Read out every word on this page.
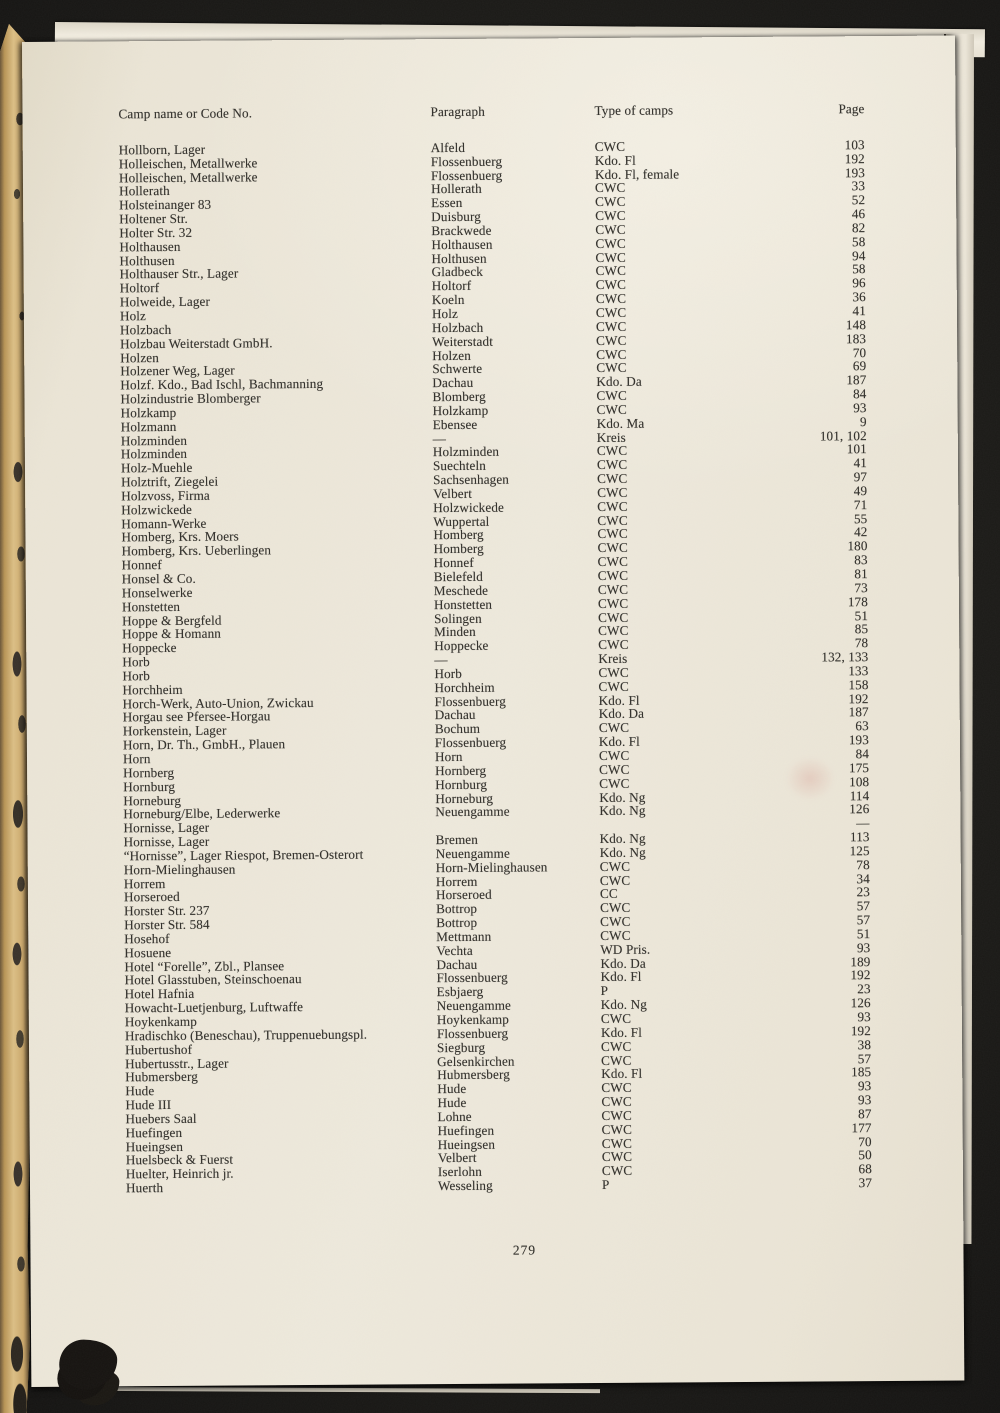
Camp name or Code No.	Paragraph	Type of camps	Page
Hollborn, Lager	Alfeld	CWC	103
Holleischen, Metallwerke	Flossenbuerg	Kdo. Fl	192
Holleischen, Metallwerke	Flossenbuerg	Kdo. Fl, female	193
Hollerath	Hollerath	CWC	33
Holsteinanger 83	Essen	CWC	52
Holtener Str.	Duisburg	CWC	46
Holter Str. 32	Brackwede	CWC	82
Holthausen	Holthausen	CWC	58
Holthusen	Holthusen	CWC	94
Holthauser Str., Lager	Gladbeck	CWC	58
Holtorf	Holtorf	CWC	96
Holweide, Lager	Koeln	CWC	36
Holz	Holz	CWC	41
Holzbach	Holzbach	CWC	148
Holzbau Weiterstadt GmbH.	Weiterstadt	CWC	183
Holzen	Holzen	CWC	70
Holzener Weg, Lager	Schwerte	CWC	69
Holzf. Kdo., Bad Ischl, Bachmanning	Dachau	Kdo. Da	187
Holzindustrie Blomberger	Blomberg	CWC	84
Holzkamp	Holzkamp	CWC	93
Holzmann	Ebensee	Kdo. Ma	9
Holzminden	—	Kreis	101, 102
Holzminden	Holzminden	CWC	101
Holz-Muehle	Suechteln	CWC	41
Holztrift, Ziegelei	Sachsenhagen	CWC	97
Holzvoss, Firma	Velbert	CWC	49
Holzwickede	Holzwickede	CWC	71
Homann-Werke	Wuppertal	CWC	55
Homberg, Krs. Moers	Homberg	CWC	42
Homberg, Krs. Ueberlingen	Homberg	CWC	180
Honnef	Honnef	CWC	83
Honsel & Co.	Bielefeld	CWC	81
Honselwerke	Meschede	CWC	73
Honstetten	Honstetten	CWC	178
Hoppe & Bergfeld	Solingen	CWC	51
Hoppe & Homann	Minden	CWC	85
Hoppecke	Hoppecke	CWC	78
Horb	—	Kreis	132, 133
Horb	Horb	CWC	133
Horchheim	Horchheim	CWC	158
Horch-Werk, Auto-Union, Zwickau	Flossenbuerg	Kdo. Fl	192
Horgau see Pfersee-Horgau	Dachau	Kdo. Da	187
Horkenstein, Lager	Bochum	CWC	63
Horn, Dr. Th., GmbH., Plauen	Flossenbuerg	Kdo. Fl	193
Horn	Horn	CWC	84
Hornberg	Hornberg	CWC	175
Hornburg	Hornburg	CWC	108
Horneburg	Horneburg	Kdo. Ng	114
Horneburg/Elbe, Lederwerke	Neuengamme	Kdo. Ng	126
Hornisse, Lager			—
Hornisse, Lager	Bremen	Kdo. Ng	113
“Hornisse”, Lager Riespot, Bremen-Osterort	Neuengamme	Kdo. Ng	125
Horn-Mielinghausen	Horn-Mielinghausen	CWC	78
Horrem	Horrem	CWC	34
Horseroed	Horseroed	CC	23
Horster Str. 237	Bottrop	CWC	57
Horster Str. 584	Bottrop	CWC	57
Hosehof	Mettmann	CWC	51
Hosuene	Vechta	WD Pris.	93
Hotel “Forelle”, Zbl., Plansee	Dachau	Kdo. Da	189
Hotel Glasstuben, Steinschoenau	Flossenbuerg	Kdo. Fl	192
Hotel Hafnia	Esbjaerg	P	23
Howacht-Luetjenburg, Luftwaffe	Neuengamme	Kdo. Ng	126
Hoykenkamp	Hoykenkamp	CWC	93
Hradischko (Beneschau), Truppenuebungspl.	Flossenbuerg	Kdo. Fl	192
Hubertushof	Siegburg	CWC	38
Hubertusstr., Lager	Gelsenkirchen	CWC	57
Hubmersberg	Hubmersberg	Kdo. Fl	185
Hude	Hude	CWC	93
Hude III	Hude	CWC	93
Huebers Saal	Lohne	CWC	87
Huefingen	Huefingen	CWC	177
Hueingsen	Hueingsen	CWC	70
Huelsbeck & Fuerst	Velbert	CWC	50
Huelter, Heinrich jr.	Iserlohn	CWC	68
Huerth	Wesseling	P	37
279
